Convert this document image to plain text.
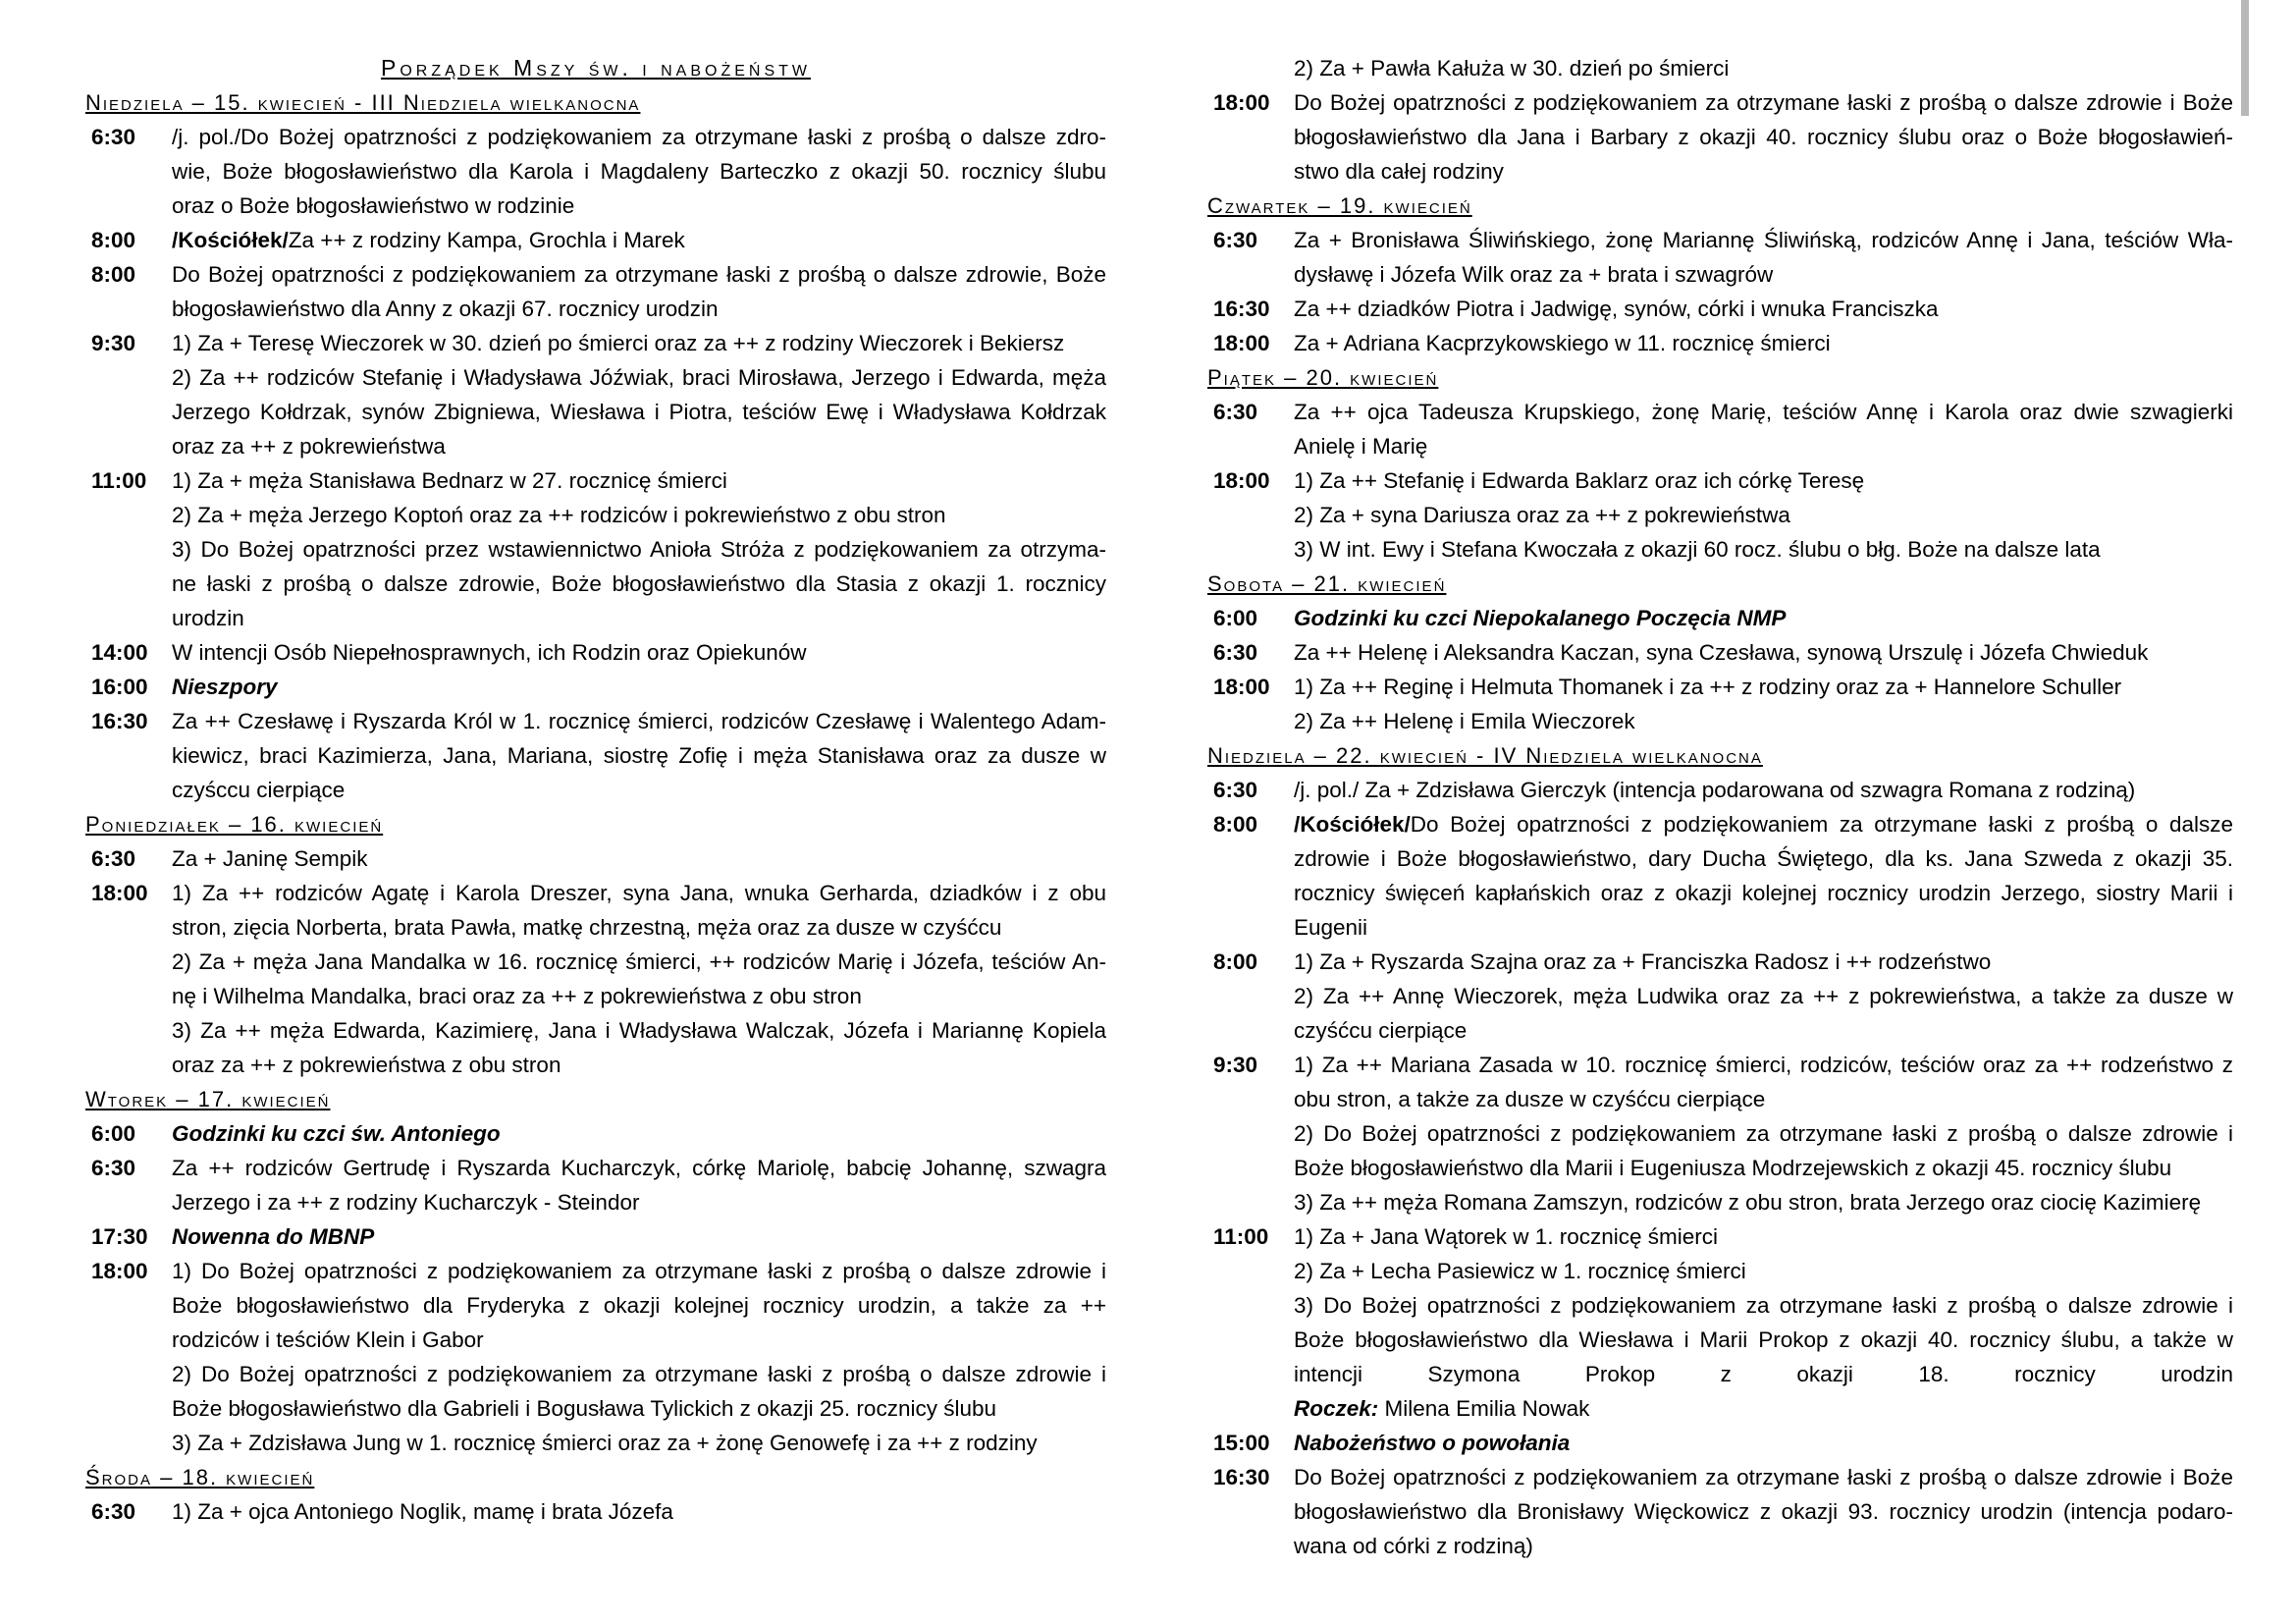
Porządek Mszy św. i nabożeństw
Niedziela – 15. kwiecień - III Niedziela wielkanocna
6:30	/j. pol./Do Bożej opatrzności z podziękowaniem za otrzymane łaski z prośbą o dalsze zdro-
wie, Boże błogosławieństwo dla Karola i Magdaleny Barteczko z okazji 50. rocznicy ślubu
oraz o Boże błogosławieństwo w rodzinie
8:00	/Kościółek/Za ++ z rodziny Kampa, Grochla i Marek
8:00	Do Bożej opatrzności z podziękowaniem za otrzymane łaski z prośbą o dalsze zdrowie, Boże
błogosławieństwo dla Anny z okazji 67. rocznicy urodzin
9:30	1) Za + Teresę Wieczorek w 30. dzień po śmierci oraz za ++ z rodziny Wieczorek i Bekiersz
2) Za ++ rodziców Stefanię i Władysława Jóźwiak, braci Mirosława, Jerzego i Edwarda, męża
Jerzego Kołdrzak, synów Zbigniewa, Wiesława i Piotra, teściów Ewę i Władysława Kołdrzak
oraz za ++ z pokrewieństwa
11:00	1) Za + męża Stanisława Bednarz w 27. rocznicę śmierci
2) Za + męża Jerzego Koptoń oraz za ++ rodziców i pokrewieństwo z obu stron
3) Do Bożej opatrzności przez wstawiennictwo Anioła Stróża z podziękowaniem za otrzyma-
ne łaski z prośbą o dalsze zdrowie, Boże błogosławieństwo dla Stasia z okazji 1. rocznicy
urodzin
14:00	W intencji Osób Niepełnosprawnych, ich Rodzin oraz Opiekunów
16:00	Nieszpory
16:30	Za ++ Czesławę i Ryszarda Król w 1. rocznicę śmierci, rodziców Czesławę i Walentego Adam-
kiewicz, braci Kazimierza, Jana, Mariana, siostrę Zofię i męża Stanisława oraz za dusze w
czyśccu cierpiące
Poniedziałek – 16. kwiecień
6:30	Za + Janinę Sempik
18:00	1) Za ++ rodziców Agatę i Karola Dreszer, syna Jana, wnuka Gerharda, dziadków i z obu
stron, zięcia Norberta, brata Pawła, matkę chrzestną, męża oraz za dusze w czyśćcu
2) Za + męża Jana Mandalka w 16. rocznicę śmierci, ++ rodziców Marię i Józefa, teściów An-
nę i Wilhelma Mandalka, braci oraz za ++ z pokrewieństwa z obu stron
3) Za ++ męża Edwarda, Kazimierę, Jana i Władysława Walczak, Józefa i Mariannę Kopiela
oraz za ++ z pokrewieństwa z obu stron
Wtorek – 17. kwiecień
6:00	Godzinki ku czci św. Antoniego
6:30	Za ++ rodziców Gertrudę i Ryszarda Kucharczyk, córkę Mariolę, babcię Johannę, szwagra
Jerzego i za ++ z rodziny Kucharczyk - Steindor
17:30	Nowenna do MBNP
18:00	1) Do Bożej opatrzności z podziękowaniem za otrzymane łaski z prośbą o dalsze zdrowie i
Boże błogosławieństwo dla Fryderyka z okazji kolejnej rocznicy urodzin, a także za ++
rodziców i teściów Klein i Gabor
2) Do Bożej opatrzności z podziękowaniem za otrzymane łaski z prośbą o dalsze zdrowie i
Boże błogosławieństwo dla Gabrieli i Bogusława Tylickich z okazji 25. rocznicy ślubu
3) Za + Zdzisława Jung w 1. rocznicę śmierci oraz za + żonę Genowefę i za ++ z rodziny
Środa – 18. kwiecień
6:30	1) Za + ojca Antoniego Noglik, mamę i brata Józefa
2) Za + Pawła Kałuża w 30. dzień po śmierci
18:00	Do Bożej opatrzności z podziękowaniem za otrzymane łaski z prośbą o dalsze zdrowie i Boże
błogosławieństwo dla Jana i Barbary z okazji 40. rocznicy ślubu oraz o Boże błogosławień-
stwo dla całej rodziny
Czwartek – 19. kwiecień
6:30	Za + Bronisława Śliwińskiego, żonę Mariannę Śliwińską, rodziców Annę i Jana, teściów Wła-
dysławę i Józefa Wilk oraz za + brata i szwagrów
16:30	Za ++ dziadków Piotra i Jadwigę, synów, córki i wnuka Franciszka
18:00	Za + Adriana Kacprzykowskiego w 11. rocznicę śmierci
Piątek – 20. kwiecień
6:30	Za ++ ojca Tadeusza Krupskiego, żonę Marię, teściów Annę i Karola oraz dwie szwagierki
Anielę i Marię
18:00	1) Za ++ Stefanię i Edwarda Baklarz oraz ich córkę Teresę
2) Za + syna Dariusza oraz za ++ z pokrewieństwa
3) W int. Ewy i Stefana Kwoczała z okazji 60 rocz. ślubu o błg. Boże na dalsze lata
Sobota – 21. kwiecień
6:00	Godzinki ku czci Niepokalanego Poczęcia NMP
6:30	Za ++ Helenę i Aleksandra Kaczan, syna Czesława, synową Urszulę i Józefa Chwieduk
18:00	1) Za ++ Reginę i Helmuta Thomanek i za ++ z rodziny oraz za + Hannelore Schuller
2) Za ++ Helenę i Emila Wieczorek
Niedziela – 22. kwiecień - IV Niedziela wielkanocna
6:30	/j. pol./ Za + Zdzisława Gierczyk (intencja podarowana od szwagra Romana z rodziną)
8:00	/Kościółek/Do Bożej opatrzności z podziękowaniem za otrzymane łaski z prośbą o dalsze
zdrowie i Boże błogosławieństwo, dary Ducha Świętego, dla ks. Jana Szweda z okazji 35.
rocznicy święceń kapłańskich oraz z okazji kolejnej rocznicy urodzin Jerzego, siostry Marii i
Eugenii
8:00	1) Za + Ryszarda Szajna oraz za + Franciszka Radosz i ++ rodzeństwo
2) Za ++ Annę Wieczorek, męża Ludwika oraz za ++ z pokrewieństwa, a także za dusze w
czyśćcu cierpiące
9:30	1) Za ++ Mariana Zasada w 10. rocznicę śmierci, rodziców, teściów oraz za ++ rodzeństwo z
obu stron, a także za dusze w czyśćcu cierpiące
2) Do Bożej opatrzności z podziękowaniem za otrzymane łaski z prośbą o dalsze zdrowie i
Boże błogosławieństwo dla Marii i Eugeniusza Modrzejewskich z okazji 45. rocznicy ślubu
3) Za ++ męża Romana Zamszyn, rodziców z obu stron, brata Jerzego oraz ciocię Kazimierę
11:00	1) Za + Jana Wątorek w 1. rocznicę śmierci
2) Za + Lecha Pasiewicz w 1. rocznicę śmierci
3) Do Bożej opatrzności z podziękowaniem za otrzymane łaski z prośbą o dalsze zdrowie i
Boże błogosławieństwo dla Wiesława i Marii Prokop z okazji 40. rocznicy ślubu, a także w
intencji Szymona Prokop z okazji 18. rocznicy urodzin
Roczek: Milena Emilia Nowak
15:00	Nabożeństwo o powołania
16:30	Do Bożej opatrzności z podziękowaniem za otrzymane łaski z prośbą o dalsze zdrowie i Boże
błogosławieństwo dla Bronisławy Więckowicz z okazji 93. rocznicy urodzin (intencja podaro-
wana od córki z rodziną)
